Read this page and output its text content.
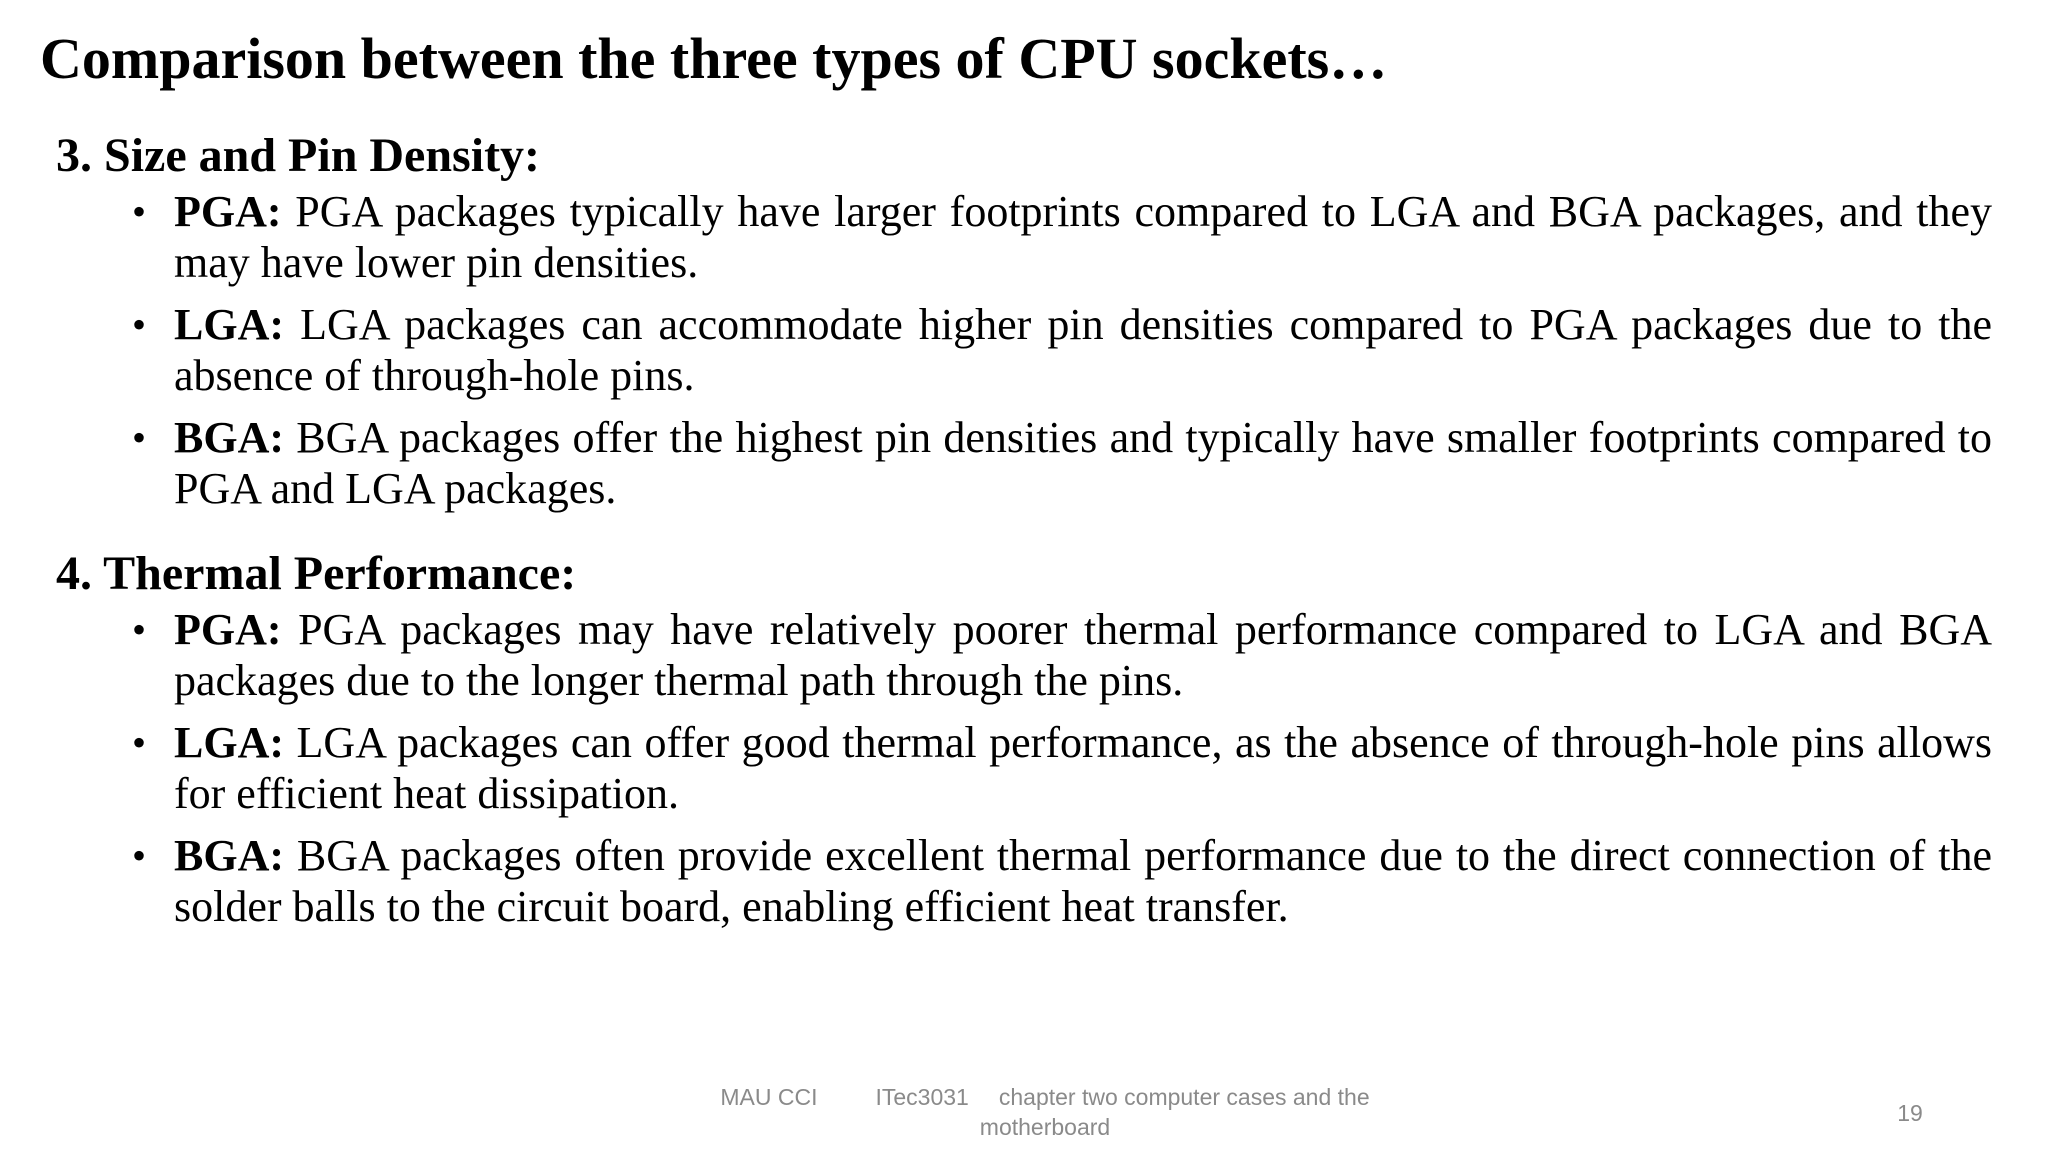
Comparison between the three types of CPU sockets…
3. Size and Pin Density:
• PGA: PGA packages typically have larger footprints compared to LGA and BGA packages, and they may have lower pin densities.
• LGA: LGA packages can accommodate higher pin densities compared to PGA packages due to the absence of through-hole pins.
• BGA: BGA packages offer the highest pin densities and typically have smaller footprints compared to PGA and LGA packages.
4. Thermal Performance:
• PGA: PGA packages may have relatively poorer thermal performance compared to LGA and BGA packages due to the longer thermal path through the pins.
• LGA: LGA packages can offer good thermal performance, as the absence of through-hole pins allows for efficient heat dissipation.
• BGA: BGA packages often provide excellent thermal performance due to the direct connection of the solder balls to the circuit board, enabling efficient heat transfer.
MAU CCI	ITec3031 chapter two computer cases and the motherboard
19
